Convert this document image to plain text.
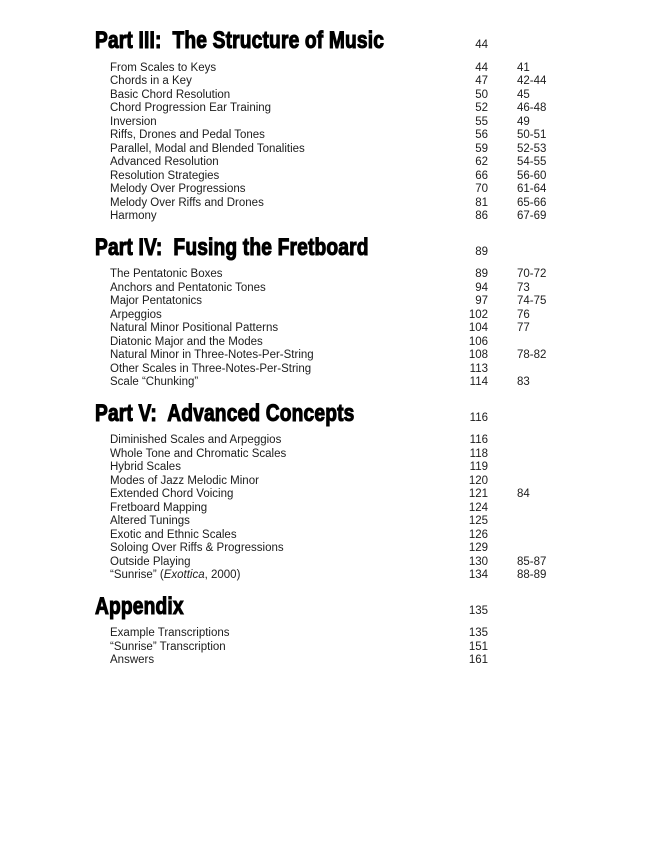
Part III:  The Structure of Music	44
From Scales to Keys	44	41
Chords in a Key	47	42-44
Basic Chord Resolution	50	45
Chord Progression Ear Training	52	46-48
Inversion	55	49
Riffs, Drones and Pedal Tones	56	50-51
Parallel, Modal and Blended Tonalities	59	52-53
Advanced Resolution	62	54-55
Resolution Strategies	66	56-60
Melody Over Progressions	70	61-64
Melody Over Riffs and Drones	81	65-66
Harmony	86	67-69
Part IV:  Fusing the Fretboard	89
The Pentatonic Boxes	89	70-72
Anchors and Pentatonic Tones	94	73
Major Pentatonics	97	74-75
Arpeggios	102	76
Natural Minor Positional Patterns	104	77
Diatonic Major and the Modes	106
Natural Minor in Three-Notes-Per-String	108	78-82
Other Scales in Three-Notes-Per-String	113
Scale “Chunking”	114	83
Part V:  Advanced Concepts	116
Diminished Scales and Arpeggios	116
Whole Tone and Chromatic Scales	118
Hybrid Scales	119
Modes of Jazz Melodic Minor	120
Extended Chord Voicing	121	84
Fretboard Mapping	124
Altered Tunings	125
Exotic and Ethnic Scales	126
Soloing Over Riffs & Progressions	129
Outside Playing	130	85-87
“Sunrise” (Exottica, 2000)	134	88-89
Appendix	135
Example Transcriptions	135
“Sunrise” Transcription	151
Answers	161
